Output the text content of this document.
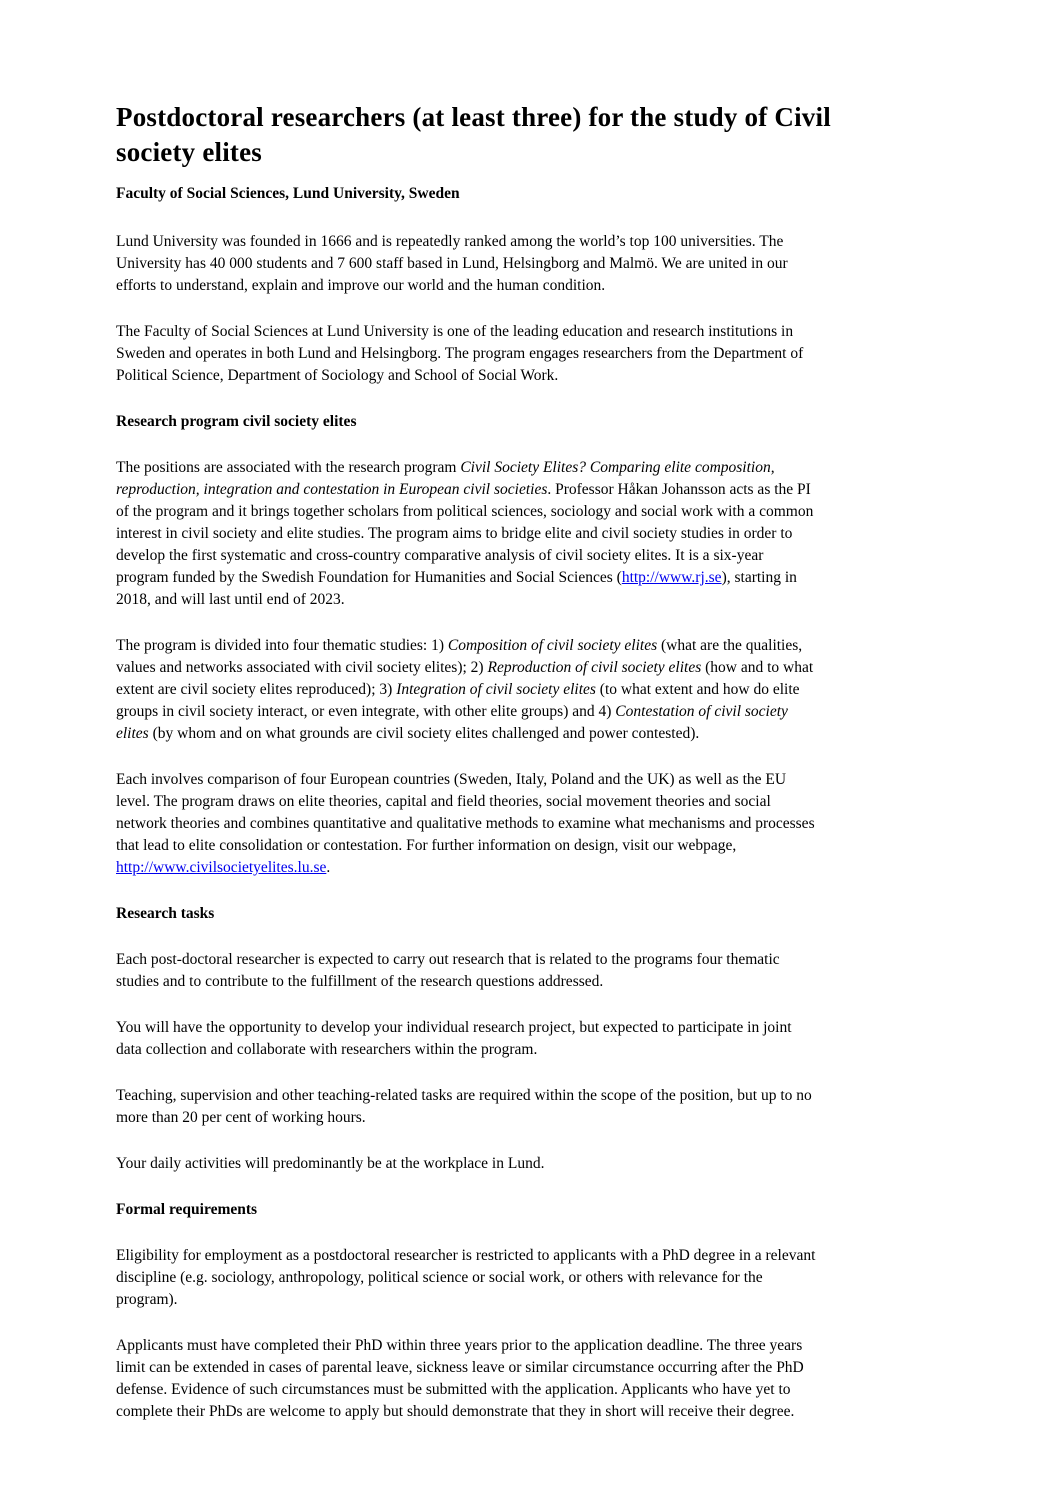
Postdoctoral researchers (at least three) for the study of Civil society elites

Faculty of Social Sciences, Lund University, Sweden

Lund University was founded in 1666 and is repeatedly ranked among the world’s top 100 universities. The University has 40 000 students and 7 600 staff based in Lund, Helsingborg and Malmö. We are united in our efforts to understand, explain and improve our world and the human condition.

The Faculty of Social Sciences at Lund University is one of the leading education and research institutions in Sweden and operates in both Lund and Helsingborg. The program engages researchers from the Department of Political Science, Department of Sociology and School of Social Work.

Research program civil society elites

The positions are associated with the research program Civil Society Elites? Comparing elite composition, reproduction, integration and contestation in European civil societies. Professor Håkan Johansson acts as the PI of the program and it brings together scholars from political sciences, sociology and social work with a common interest in civil society and elite studies. The program aims to bridge elite and civil society studies in order to develop the first systematic and cross-country comparative analysis of civil society elites. It is a six-year program funded by the Swedish Foundation for Humanities and Social Sciences (http://www.rj.se), starting in 2018, and will last until end of 2023.

The program is divided into four thematic studies: 1) Composition of civil society elites (what are the qualities, values and networks associated with civil society elites); 2) Reproduction of civil society elites (how and to what extent are civil society elites reproduced); 3) Integration of civil society elites (to what extent and how do elite groups in civil society interact, or even integrate, with other elite groups) and 4) Contestation of civil society elites (by whom and on what grounds are civil society elites challenged and power contested).

Each involves comparison of four European countries (Sweden, Italy, Poland and the UK) as well as the EU level. The program draws on elite theories, capital and field theories, social movement theories and social network theories and combines quantitative and qualitative methods to examine what mechanisms and processes that lead to elite consolidation or contestation. For further information on design, visit our webpage, http://www.civilsocietyelites.lu.se.

Research tasks

Each post-doctoral researcher is expected to carry out research that is related to the programs four thematic studies and to contribute to the fulfillment of the research questions addressed.

You will have the opportunity to develop your individual research project, but expected to participate in joint data collection and collaborate with researchers within the program.

Teaching, supervision and other teaching-related tasks are required within the scope of the position, but up to no more than 20 per cent of working hours.

Your daily activities will predominantly be at the workplace in Lund.

Formal requirements

Eligibility for employment as a postdoctoral researcher is restricted to applicants with a PhD degree in a relevant discipline (e.g. sociology, anthropology, political science or social work, or others with relevance for the program).

Applicants must have completed their PhD within three years prior to the application deadline. The three years limit can be extended in cases of parental leave, sickness leave or similar circumstance occurring after the PhD defense. Evidence of such circumstances must be submitted with the application. Applicants who have yet to complete their PhDs are welcome to apply but should demonstrate that they in short will receive their degree.
